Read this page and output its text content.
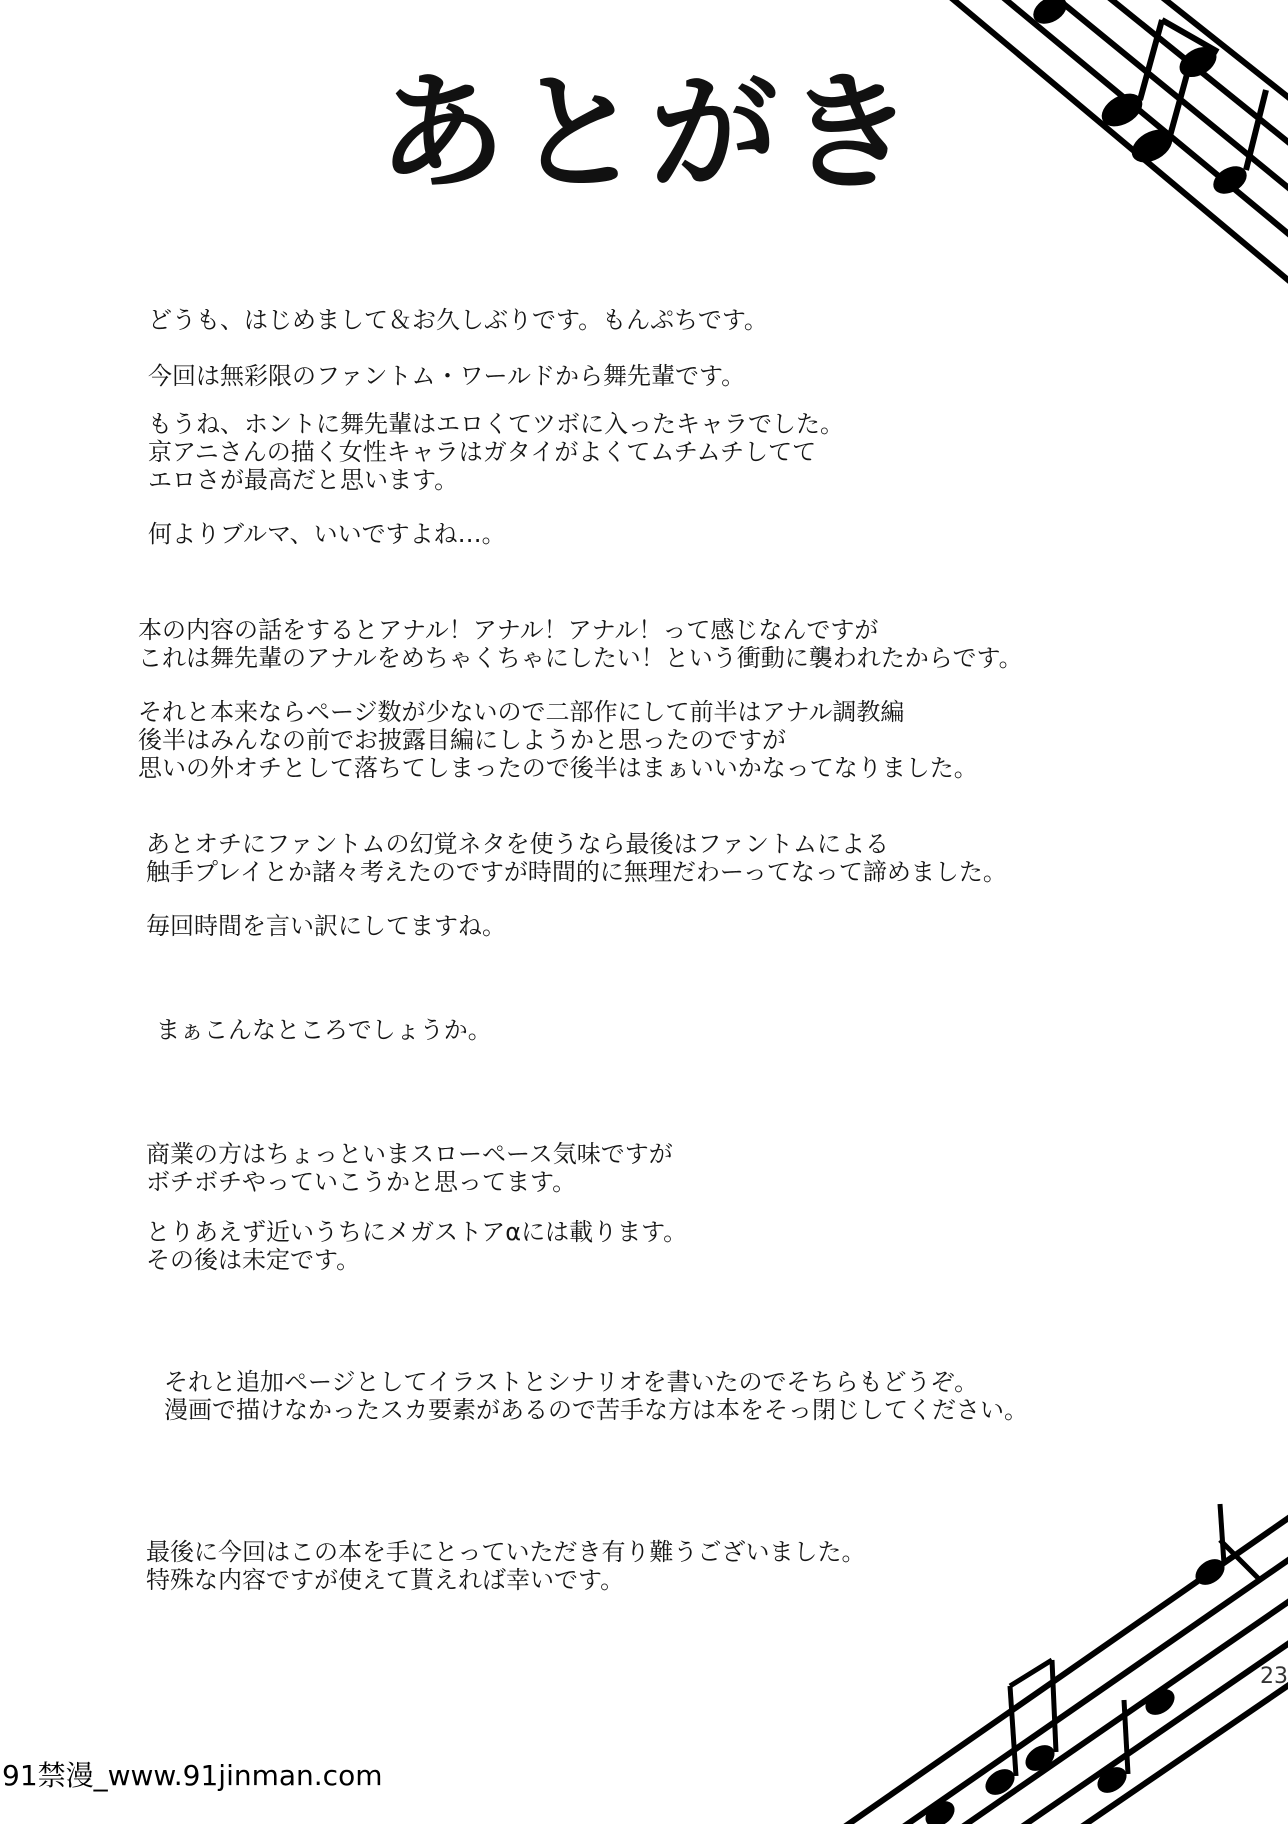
あとがき
どうも、はじめまして＆お久しぶりです。もんぷちです。
今回は無彩限のファントム・ワールドから舞先輩です。
もうね、ホントに舞先輩はエロくてツボに入ったキャラでした。
京アニさんの描く女性キャラはガタイがよくてムチムチしてて
エロさが最高だと思います。
何よりブルマ、いいですよね…。
本の内容の話をするとアナル！アナル！アナル！って感じなんですが
これは舞先輩のアナルをめちゃくちゃにしたい！という衝動に襲われたからです。
それと本来ならページ数が少ないので二部作にして前半はアナル調教編
後半はみんなの前でお披露目編にしようかと思ったのですが
思いの外オチとして落ちてしまったので後半はまぁいいかなってなりました。
あとオチにファントムの幻覚ネタを使うなら最後はファントムによる
触手プレイとか諸々考えたのですが時間的に無理だわーってなって諦めました。
毎回時間を言い訳にしてますね。
まぁこんなところでしょうか。
商業の方はちょっといまスローペース気味ですが
ボチボチやっていこうかと思ってます。
とりあえず近いうちにメガストアαには載ります。
その後は未定です。
それと追加ページとしてイラストとシナリオを書いたのでそちらもどうぞ。
漫画で描けなかったスカ要素があるので苦手な方は本をそっ閉じしてください。
最後に今回はこの本を手にとっていただき有り難うございました。
特殊な内容ですが使えて貰えれば幸いです。
23
91禁漫_www.91jinman.com
